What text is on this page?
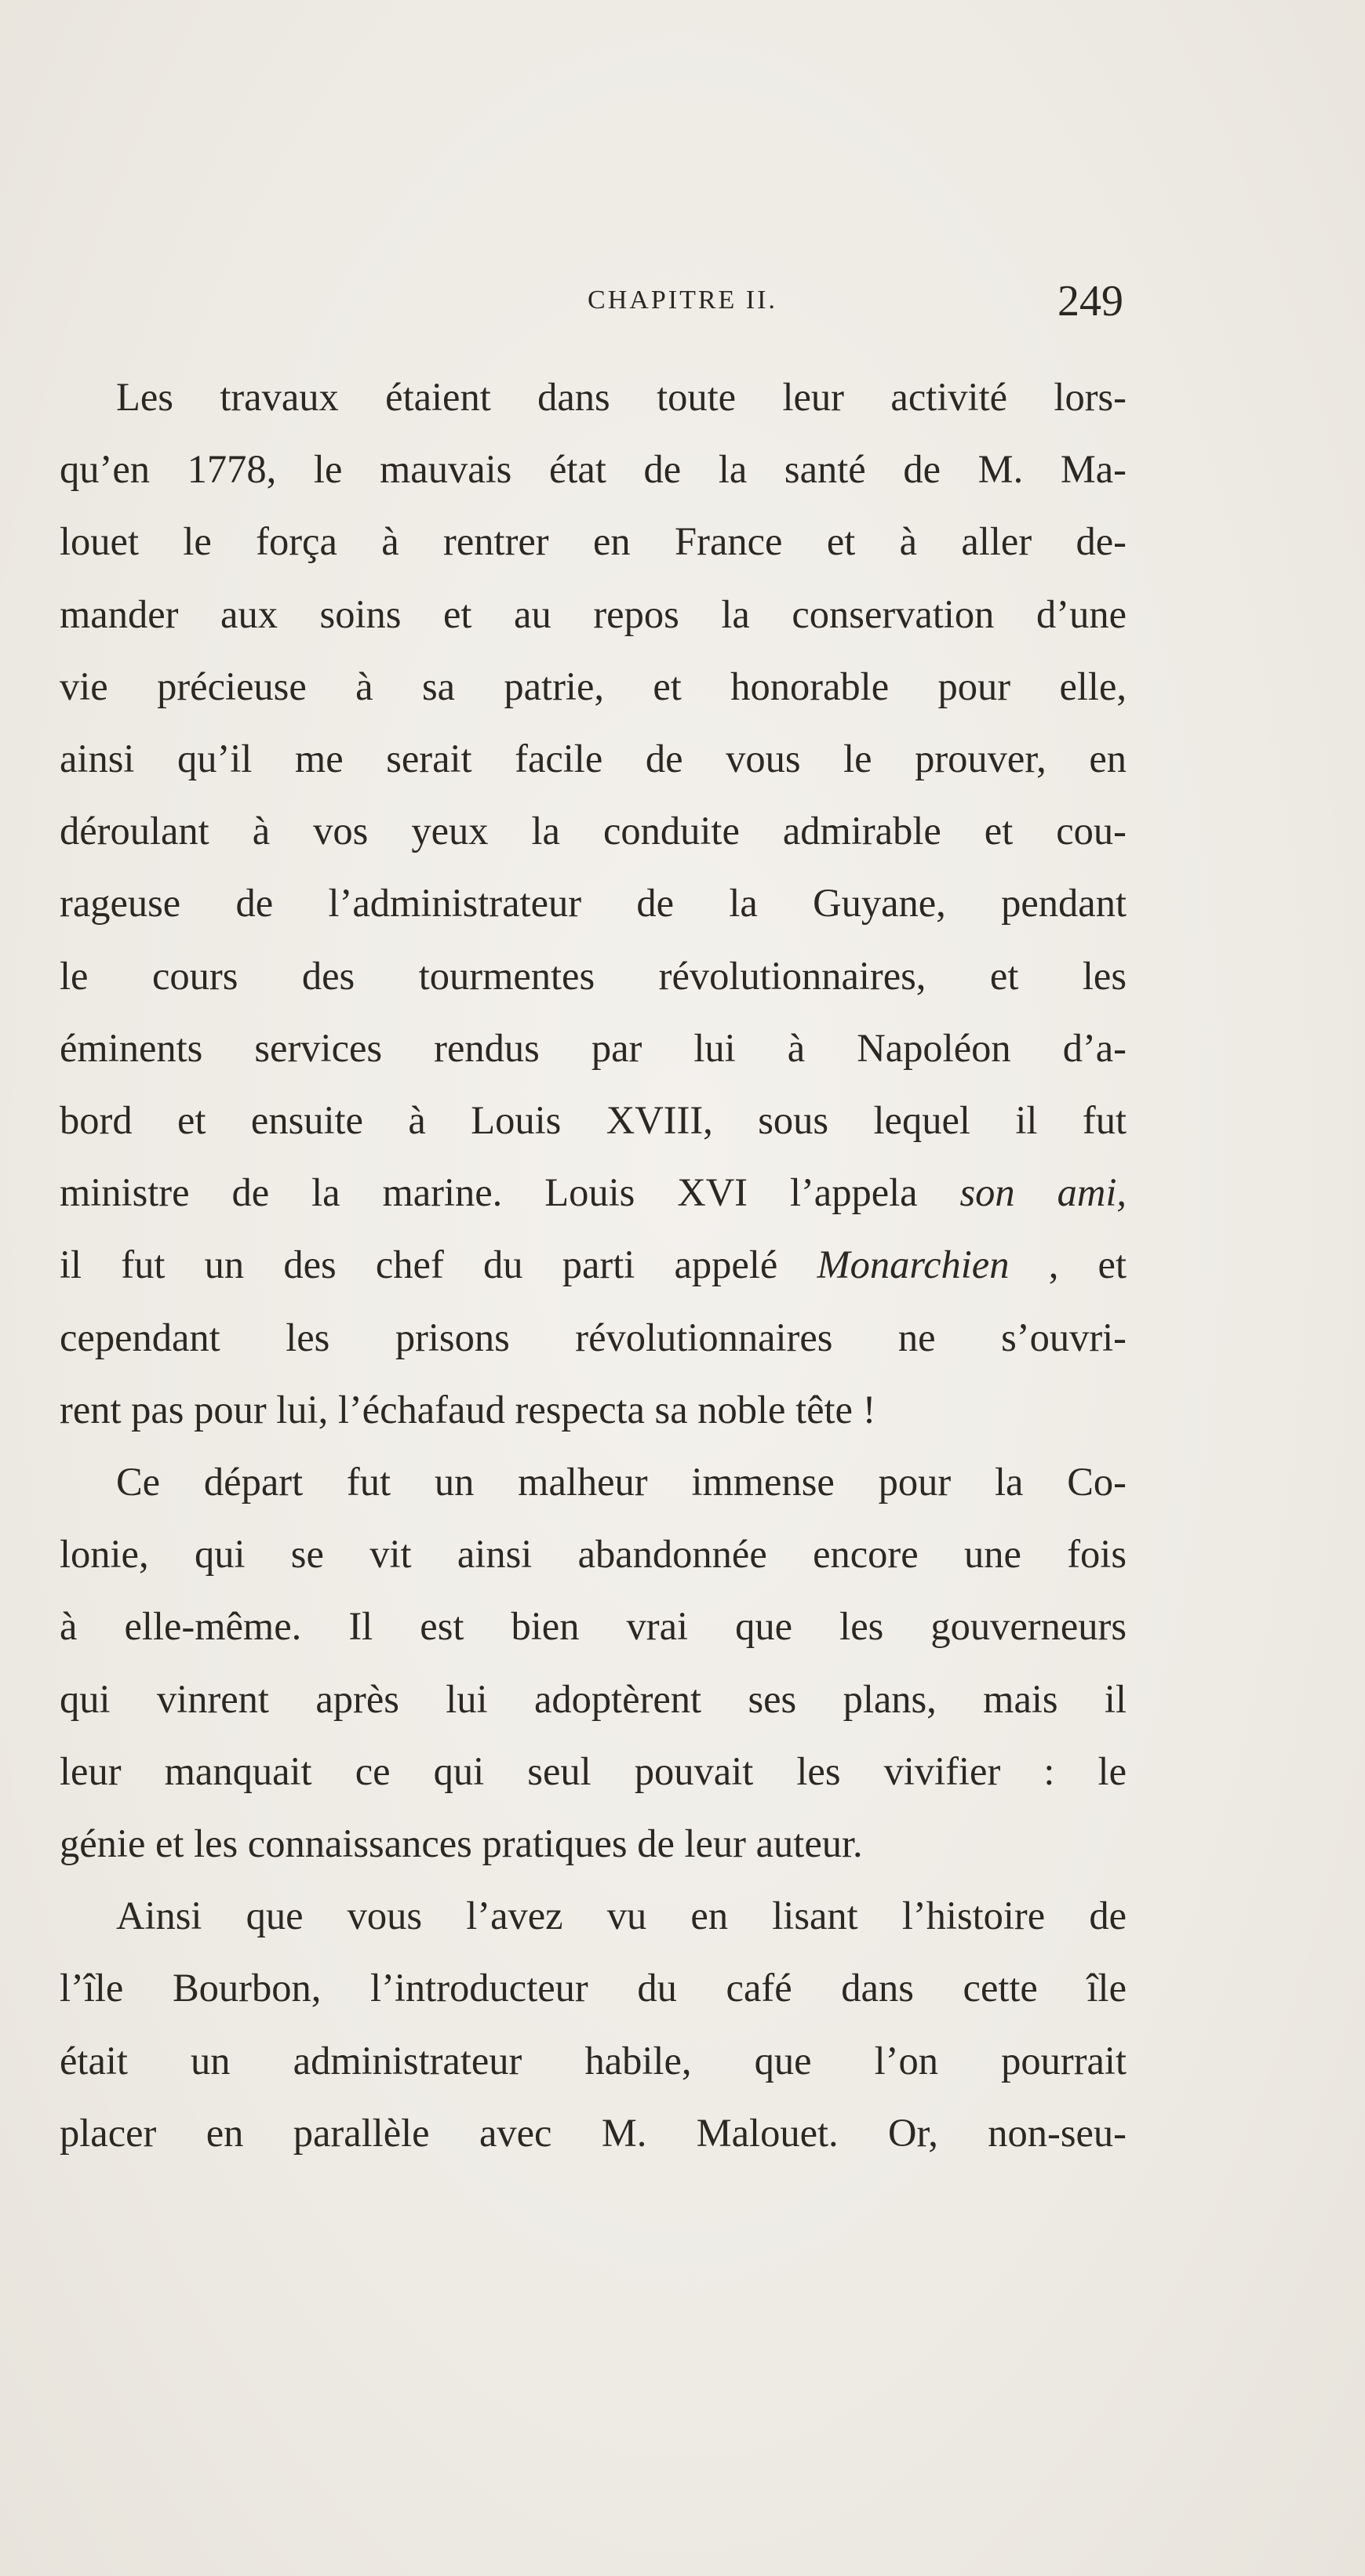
CHAPITRE II.	249
Les travaux étaient dans toute leur activité lors-
qu’en 1778, le mauvais état de la santé de M. Ma-
louet le força à rentrer en France et à aller de-
mander aux soins et au repos la conservation d’une
vie précieuse à sa patrie, et honorable pour elle,
ainsi qu’il me serait facile de vous le prouver, en
déroulant à vos yeux la conduite admirable et cou-
rageuse de l’administrateur de la Guyane, pendant
le cours des tourmentes révolutionnaires, et les
éminents services rendus par lui à Napoléon d’a-
bord et ensuite à Louis XVIII, sous lequel il fut
ministre de la marine. Louis XVI l’appela son ami,
il fut un des chef du parti appelé Monarchien , et
cependant les prisons révolutionnaires ne s’ouvri-
rent pas pour lui, l’échafaud respecta sa noble tête !
Ce départ fut un malheur immense pour la Co-
lonie, qui se vit ainsi abandonnée encore une fois
à elle-même. Il est bien vrai que les gouverneurs
qui vinrent après lui adoptèrent ses plans, mais il
leur manquait ce qui seul pouvait les vivifier : le
génie et les connaissances pratiques de leur auteur.
Ainsi que vous l’avez vu en lisant l’histoire de
l’île Bourbon, l’introducteur du café dans cette île
était un administrateur habile, que l’on pourrait
placer en parallèle avec M. Malouet. Or, non-seu-
